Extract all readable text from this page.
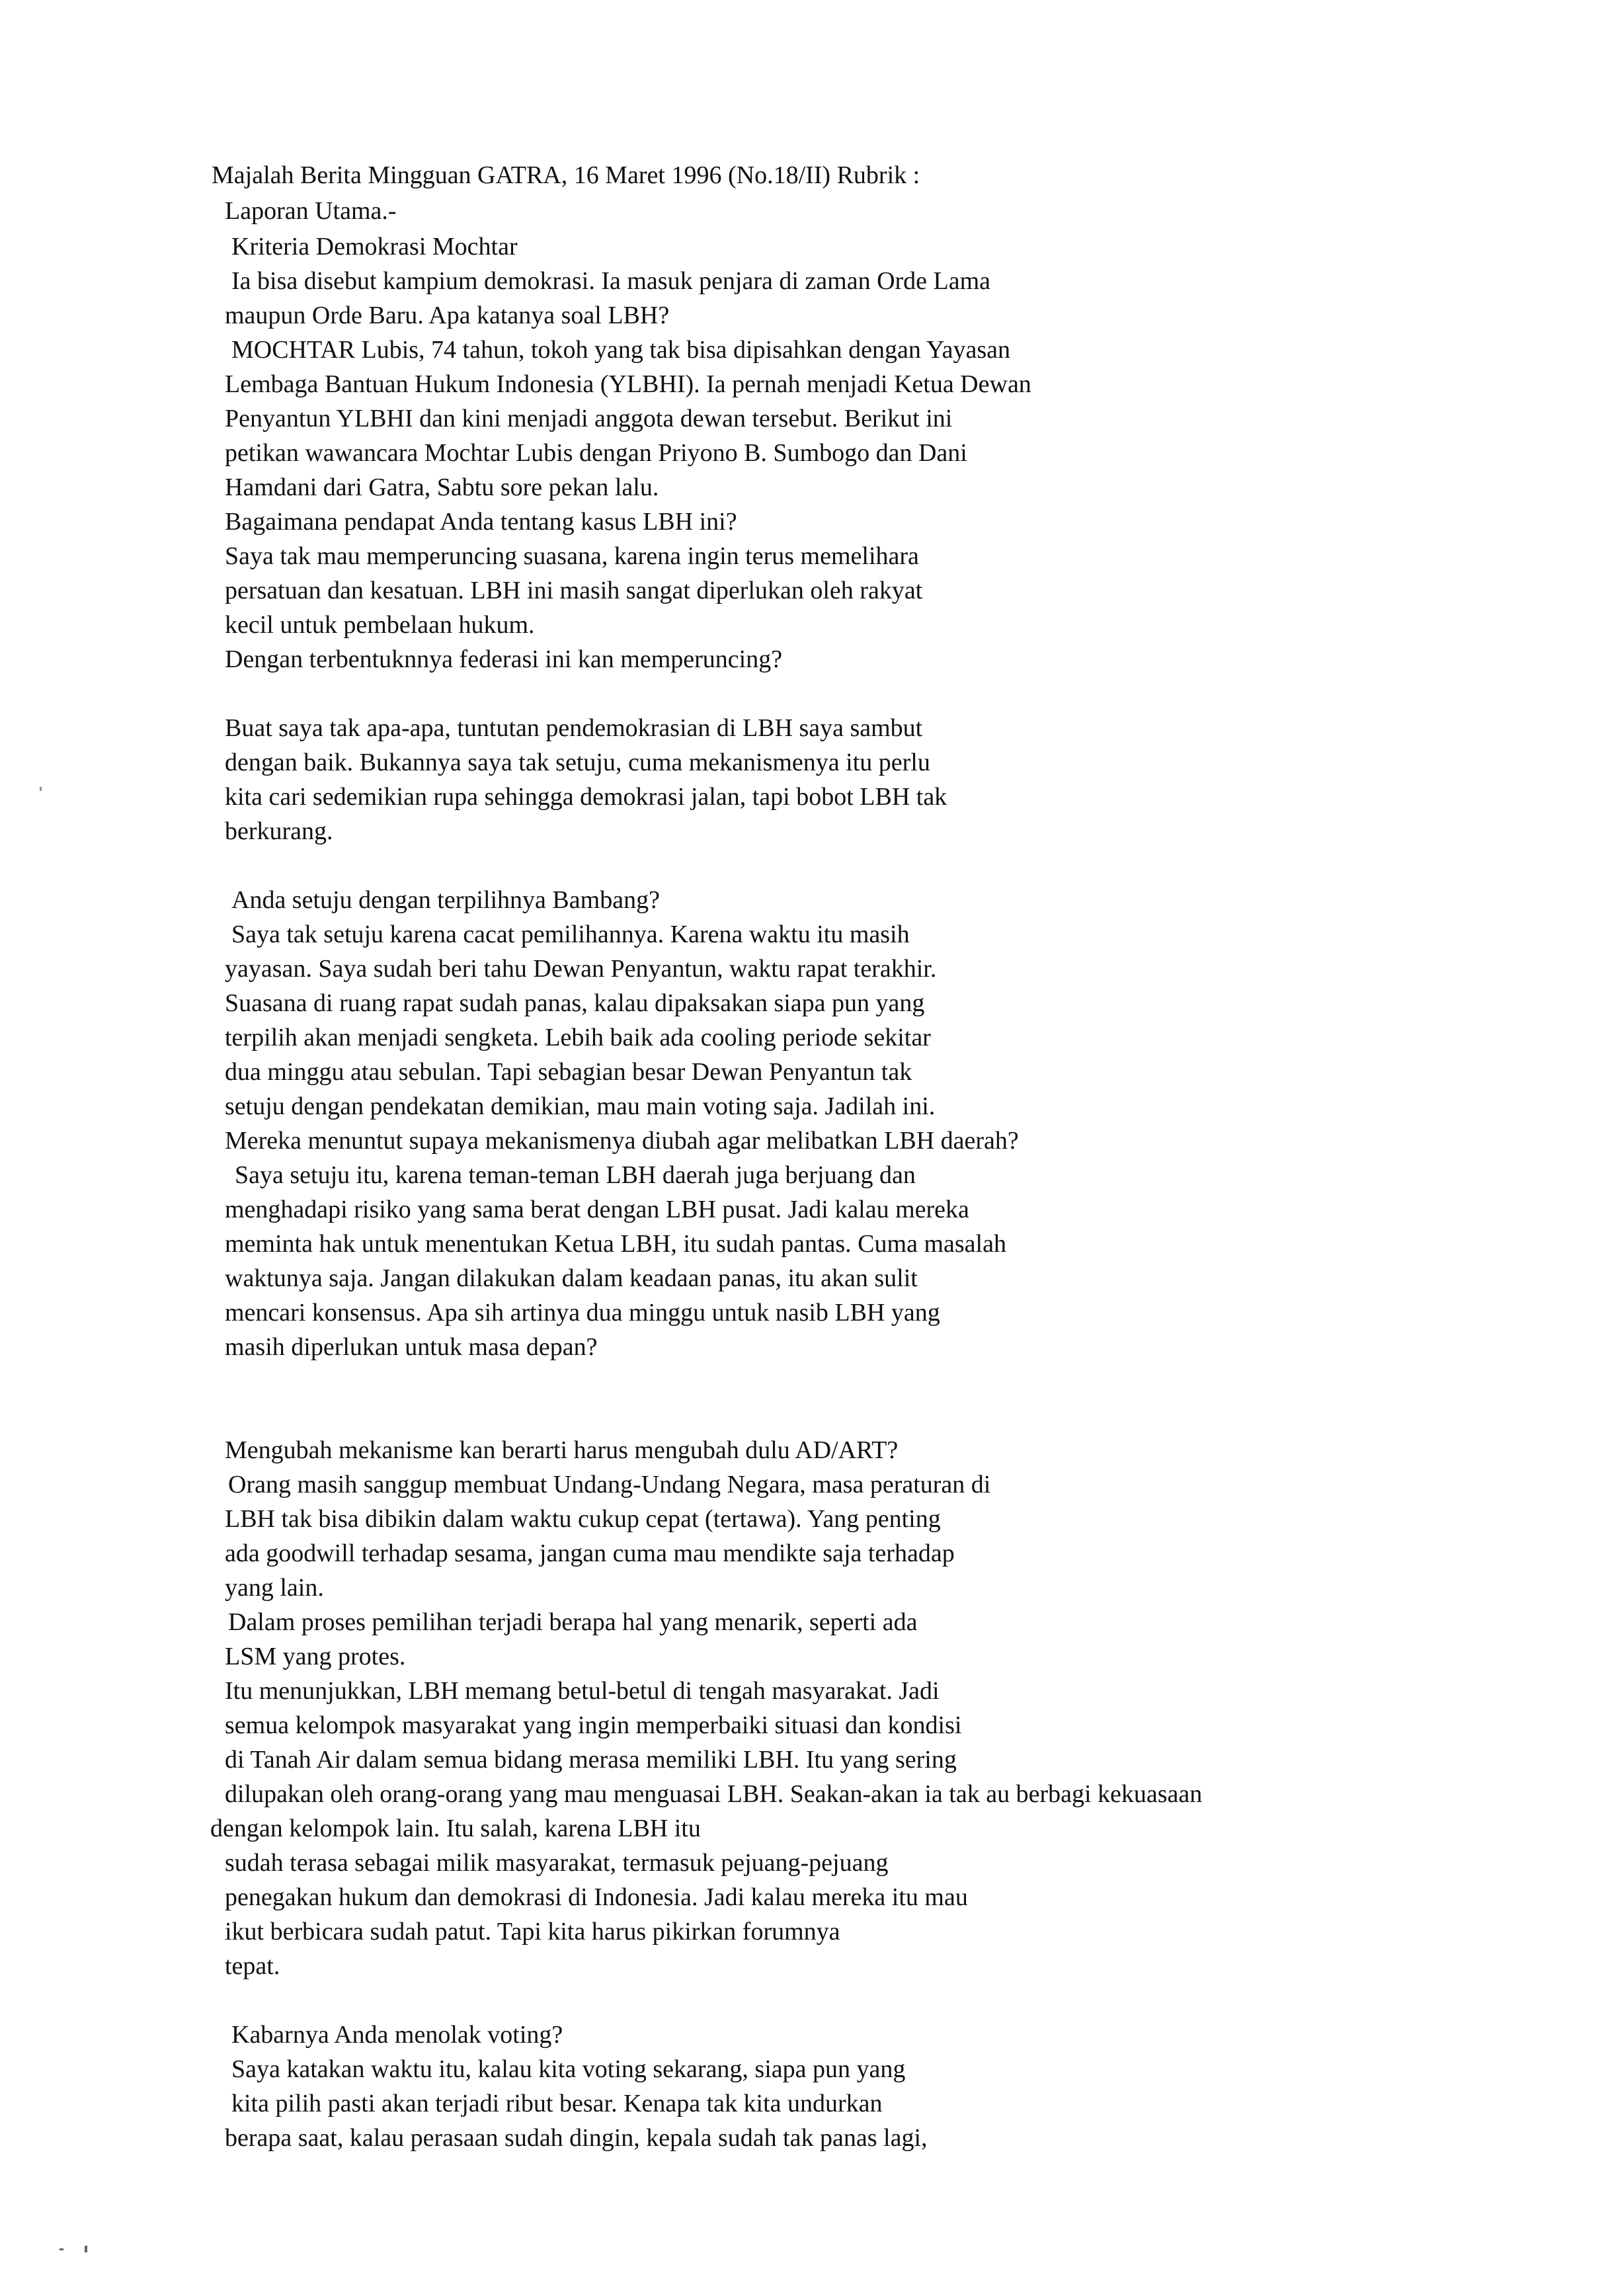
Majalah Berita Mingguan GATRA, 16 Maret 1996 (No.18/II) Rubrik :

Laporan Utama.-

Kriteria Demokrasi Mochtar

Ia bisa disebut kampium demokrasi. Ia masuk penjara di zaman Orde Lama

maupun Orde Baru. Apa katanya soal LBH?

MOCHTAR Lubis, 74 tahun, tokoh yang tak bisa dipisahkan dengan Yayasan

Lembaga Bantuan Hukum Indonesia (YLBHI). Ia pernah menjadi Ketua Dewan

Penyantun YLBHI dan kini menjadi anggota dewan tersebut. Berikut ini

petikan wawancara Mochtar Lubis dengan Priyono B. Sumbogo dan Dani

Hamdani dari Gatra, Sabtu sore pekan lalu.

Bagaimana pendapat Anda tentang kasus LBH ini?

Saya tak mau memperuncing suasana, karena ingin terus memelihara

persatuan dan kesatuan. LBH ini masih sangat diperlukan oleh rakyat

kecil untuk pembelaan hukum.

Dengan terbentuknnya federasi ini kan memperuncing?

Buat saya tak apa-apa, tuntutan pendemokrasian di LBH saya sambut

dengan baik. Bukannya saya tak setuju, cuma mekanismenya itu perlu

kita cari sedemikian rupa sehingga demokrasi jalan, tapi bobot LBH tak

berkurang.

Anda setuju dengan terpilihnya Bambang?

Saya tak setuju karena cacat pemilihannya. Karena waktu itu masih

yayasan. Saya sudah beri tahu Dewan Penyantun, waktu rapat terakhir.

Suasana di ruang rapat sudah panas, kalau dipaksakan siapa pun yang

terpilih akan menjadi sengketa. Lebih baik ada cooling periode sekitar

dua minggu atau sebulan. Tapi sebagian besar Dewan Penyantun tak

setuju dengan pendekatan demikian, mau main voting saja. Jadilah ini.

Mereka menuntut supaya mekanismenya diubah agar melibatkan LBH daerah?

Saya setuju itu, karena teman-teman LBH daerah juga berjuang dan

menghadapi risiko yang sama berat dengan LBH pusat. Jadi kalau mereka

meminta hak untuk menentukan Ketua LBH, itu sudah pantas. Cuma masalah

waktunya saja. Jangan dilakukan dalam keadaan panas, itu akan sulit

mencari konsensus. Apa sih artinya dua minggu untuk nasib LBH yang

masih diperlukan untuk masa depan?

Mengubah mekanisme kan berarti harus mengubah dulu AD/ART?

Orang masih sanggup membuat Undang-Undang Negara, masa peraturan di

LBH tak bisa dibikin dalam waktu cukup cepat (tertawa). Yang penting

ada goodwill terhadap sesama, jangan cuma mau mendikte saja terhadap

yang lain.

Dalam proses pemilihan terjadi berapa hal yang menarik, seperti ada

LSM yang protes.

Itu menunjukkan, LBH memang betul-betul di tengah masyarakat. Jadi

semua kelompok masyarakat yang ingin memperbaiki situasi dan kondisi

di Tanah Air dalam semua bidang merasa memiliki LBH. Itu yang sering

dilupakan oleh orang-orang yang mau menguasai LBH. Seakan-akan ia tak au berbagi kekuasaan

dengan kelompok lain. Itu salah, karena LBH itu

sudah terasa sebagai milik masyarakat, termasuk pejuang-pejuang

penegakan hukum dan demokrasi di Indonesia. Jadi kalau mereka itu mau

ikut berbicara sudah patut. Tapi kita harus pikirkan forumnya

tepat.

Kabarnya Anda menolak voting?

Saya katakan waktu itu, kalau kita voting sekarang, siapa pun yang

kita pilih pasti akan terjadi ribut besar. Kenapa tak kita undurkan

berapa saat, kalau perasaan sudah dingin, kepala sudah tak panas lagi,
